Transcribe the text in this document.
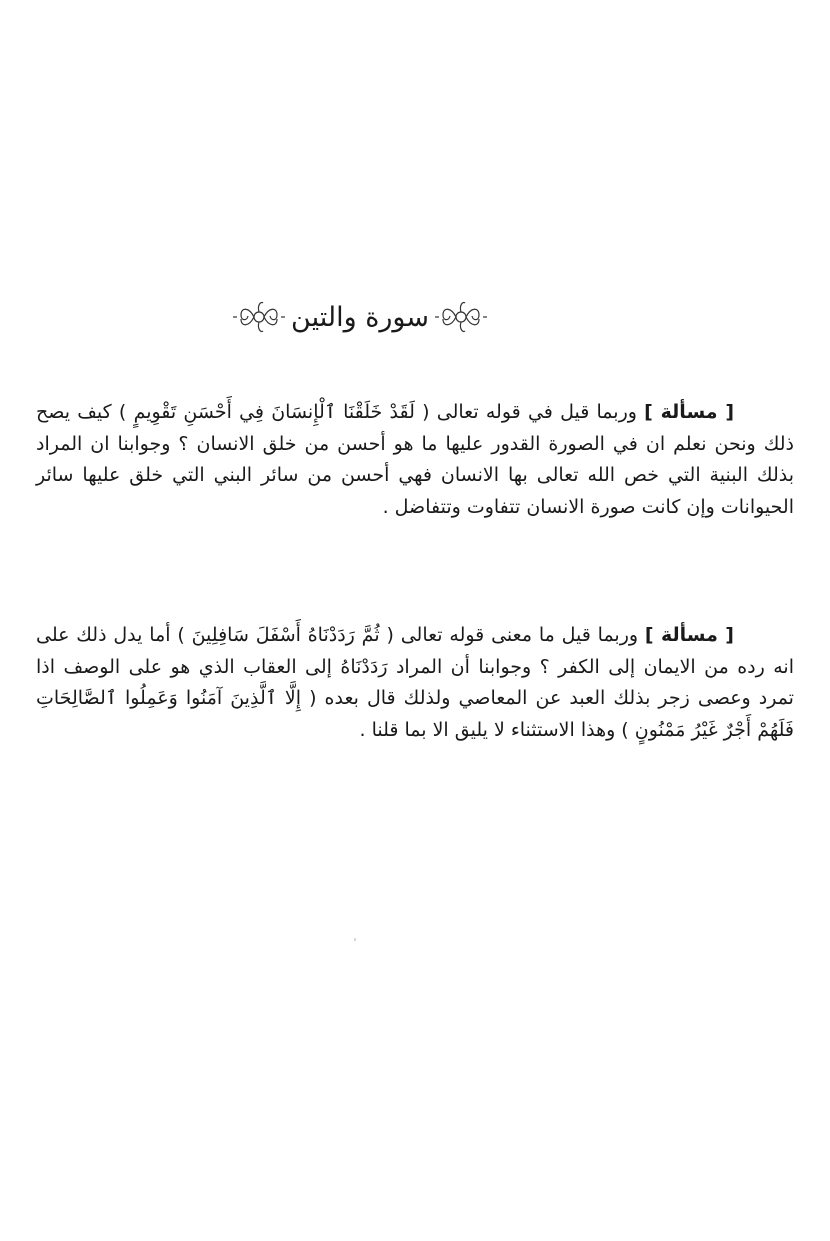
سورة والتين
[ مسألة ] وربما قيل في قوله تعالى ( لَقَدْ خَلَقْنَا ٱلْإِنسَانَ فِي أَحْسَنِ تَقْوِيمٍ ) كيف يصح ذلك ونحن نعلم ان في الصورة القدور عليها ما هو أحسن من خلق الانسان ؟ وجوابنا ان المراد بذلك البنية التي خص الله تعالى بها الانسان فهي أحسن من سائر البني التي خلق عليها سائر الحيوانات وإن كانت صورة الانسان تتفاوت وتتفاضل .
[ مسألة ] وربما قيل ما معنى قوله تعالى ( ثُمَّ رَدَدْنَاهُ أَسْفَلَ سَافِلِينَ ) أما يدل ذلك على انه رده من الايمان إلى الكفر ؟ وجوابنا أن المراد رَدَدْنَاهُ إلى العقاب الذي هو على الوصف اذا تمرد وعصى زجر بذلك العبد عن المعاصي ولذلك قال بعده ( إِلَّا ٱلَّذِينَ آمَنُوا وَعَمِلُوا ٱلصَّالِحَاتِ فَلَهُمْ أَجْرٌ غَيْرُ مَمْنُونٍ ) وهذا الاستثناء لا يليق الا بما قلنا .
